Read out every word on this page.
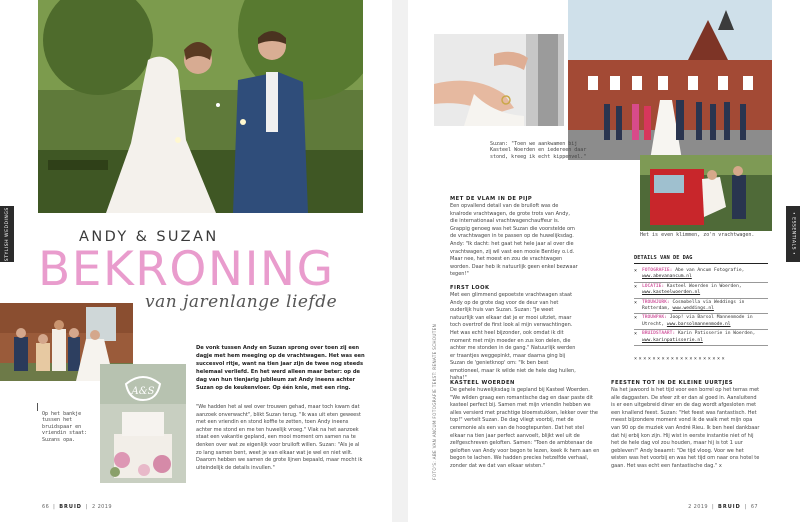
• STYLISH WEDDINGS •	ANDY & SUZAN
BEKRONING
van jarenlange liefde
A&S
Op het bankje tussen het bruidspaar en vriendin staat: Suzans opa.
De vonk tussen Andy en Suzan sprong over toen zij een dagje met hem meeging op de vrachtwagen. Het was een succesvol ritje, want na tien jaar zijn de twee nog steeds helemaal verliefd. En het werd alleen maar beter: op de dag van hun tienjarig jubileum zat Andy ineens achter Suzan op de keukenvloer. Op één knie, met een ring.
"We hadden het al wel over trouwen gehad, maar toch kwam dat aanzoek onverwacht", blikt Suzan terug. "Ik was uit eten geweest met een vriendin en stond koffie te zetten, toen Andy ineens achter me stond en me ten huwelijk vroeg." Vlak na het aanzoek staat een vakantie gepland, een mooi moment om samen na te denken over wat ze eigenlijk voor bruiloft willen. Suzan: "Als je al zo lang samen bent, weet je van elkaar wat je wel en niet wilt. Daarom hebben we samen de grote lijnen bepaald, maar mocht ik uiteindelijk de details invullen."
66  |  BRUID  |  2 2019
• ESSENTIALS •
Suzan: "Toen we aankwamen bij Kasteel Woerden en iedereen daar stond, kreeg ik echt kippenvel."
Het is even klimmen, zo'n vrachtwagen.
FOTO'S: ABE VAN ANCUM FOTOGRAFIE TEKST: RENATE SCHOUTEN
MET DE VLAM IN DE PIJP
Een opvallend detail van de bruiloft was de knalrode vrachtwagen, de grote trots van Andy, die internationaal vrachtwagenchauffeur is. Grappig genoeg was het Suzan die voorstelde om de vrachtwagen in te passen op de huwelijksdag. Andy: "Ik dacht: het gaat het hele jaar al over die vrachtwagen, zij wil vast een mooie Bentley o.i.d. Maar nee, het moest en zou de vrachtwagen worden. Daar heb ik natuurlijk geen enkel bezwaar tegen!"
FIRST LOOK
Met een glimmend gepoetste vrachtwagen staat Andy op de grote dag voor de deur van het ouderlijk huis van Suzan. Suzan: "Je weet natuurlijk van elkaar dat je er mooi uitziet, maar toch overtrof de first look al mijn verwachtingen. Het was echt heel bijzonder, ook omdat ik dit moment met mijn moeder en zus kon delen, die achter me stonden in de gang." Natuurlijk werden er traantjes weggepinkt, maar daarna ging bij Suzan de 'genietknop' om: "Ik ben best emotioneel, maar ik wilde niet de hele dag huilen, haha!"
KASTEEL WOERDEN
De gehele huwelijksdag is gepland bij Kasteel Woerden. "We wilden graag een romantische dag en daar paste dit kasteel perfect bij. Samen met mijn vriendin hebben we alles versierd met prachtige bloemstukken, lekker over the top!" vertelt Suzan. De dag vliegt voorbij, met de ceremonie als een van de hoogtepunten. Dat het stel elkaar na tien jaar perfect aanvoelt, blijkt wel uit de zelfgeschreven geloften. Samen: "Toen de ambtenaar de geloften van Andy voor begon te lezen, keek ik hem aan en begon te lachen. We hadden precies hetzelfde verhaal, zonder dat we dat van elkaar wisten."
FEESTEN TOT IN DE KLEINE UURTJES
Na het jawoord is het tijd voor een borrel op het terras met alle daggasten. De sfeer zit er dan al goed in. Aansluitend is er een uitgebreid diner en de dag wordt afgesloten met een knallend feest. Suzan: "Het feest was fantastisch. Het meest bijzondere moment vond ik de walk met mijn opa van 90 op de muziek van André Rieu. Ik ben heel dankbaar dat hij erbij kon zijn. Hij wist in eerste instantie niet of hij het de hele dag vol zou houden, maar hij is tot 1 uur gebleven!" Andy beaamt: "De tijd vloog. Voor we het wisten was het voorbij en was het tijd om naar ons hotel te gaan. Het was echt een fantastische dag." x
DETAILS VAN DE DAG
× FOTOGRAFIE: Abe van Ancum Fotografie, www.abevanancum.nl
× LOCATIE: Kasteel Woerden in Woerden, www.kasteelwoerden.nl
× TROUWJURK: Cosmobella via Weddings in Rotterdam, www.weddings.nl
× TROUWPAK: Joop! via Barsol Mannenmode in Utrecht, www.barsolmannenmode.nl
× BRUIDSTAART: Karin Patisserie in Woerden, www.karinpatisserie.nl
××××××××××××××××××××
2 2019  |  BRUID  |  67
